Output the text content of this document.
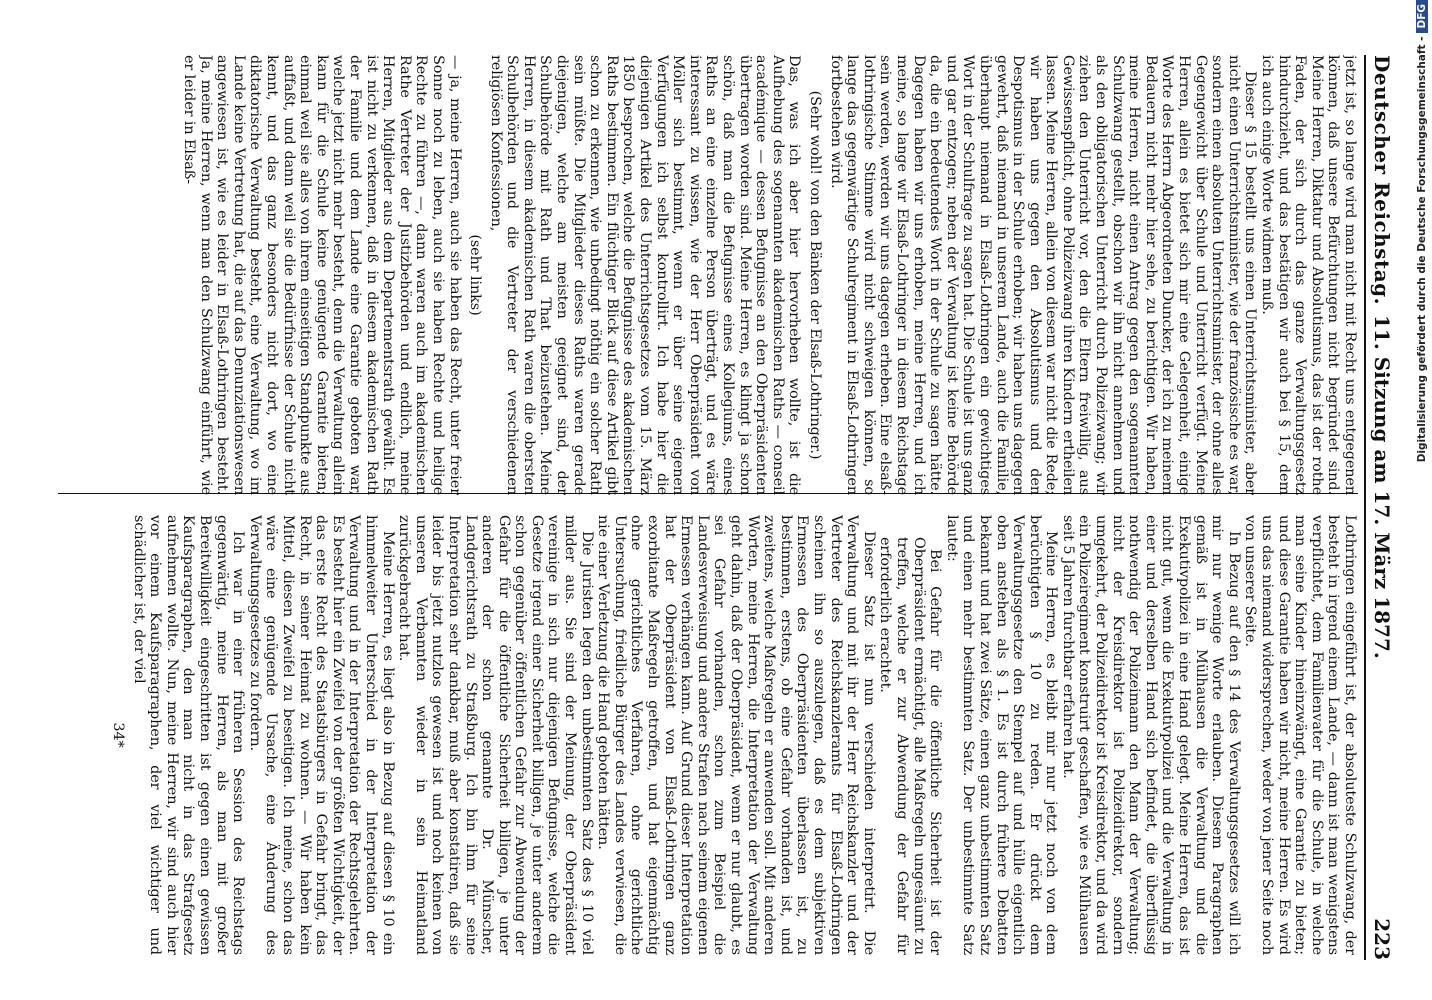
Deutscher Reichstag.
11. Sitzung am 17. März 1877.
223

jetzt ist, so lange wird man nicht mit Recht uns entgegenen können, daß unsere Befürchtungen nicht begründet sind. Meine Herren, Diktatur und Absolutismus, das ist der rothe Faden, der sich durch das ganze Verwaltungsgesetz hindurchzieht, und das bestätigen wir auch bei § 15, dem ich auch einige Worte widmen muß.

Dieser § 15 bestellt uns einen Unterrichtsminister, aber nicht einen Unterrichtsminister, wie der französische es war, sondern einen absoluten Unterrichtsminister, der ohne alles Gegengewicht über Schule und Unterricht verfügt. Meine Herren, allein es bietet sich mir eine Gelegenheit, einige Worte des Herrn Abgeordneten Duncker, der ich zu meinem Bedauern nicht mehr hier sehe, zu berichtigen. Wir haben, meine Herren, nicht einen Antrag gegen den sogenannten Schulzwang gestellt, obschon wir ihn nicht annehmen und als den obligatorischen Unterricht durch Polizeizwang; wir ziehen den Unterricht vor, den die Eltern freiwillig, aus Gewissenspflicht, ohne Polizeizwang ihren Kindern ertheilen lassen. Meine Herren, allein von diesem war nicht die Rede; wir haben uns gegen den Absolutismus und den Despotismus in der Schule erhoben; wir haben uns dagegen gewehrt, daß niemand in unserem Lande, auch die Familie, überhaupt niemand in Elsaß-Lothringen ein gewichtiges Wort in der Schulfrage zu sagen hat. Die Schule ist uns ganz und gar entzogen; neben der Verwaltung ist keine Behörde da, die ein bedeutendes Wort in der Schule zu sagen hätte. Dagegen haben wir uns erhoben, meine Herren, und ich meine, so lange wir Elsaß-Lothringer in diesem Reichstage sein werden, werden wir uns dagegen erheben. Eine elsaß-lothringische Stimme wird nicht schweigen können, so lange das gegenwärtige Schulregiment in Elsaß-Lothringen fortbestehen wird.

(Sehr wohl! von den Bänken der Elsaß-Lothringer.)

Das, was ich aber hier hervorheben wollte, ist die Aufhebung des sogenannten akademischen Raths — conseil académique — dessen Befugnisse an den Oberpräsidenten übertragen worden sind. Meine Herren, es klingt ja schon schön, daß man die Befugnisse eines Kollegiums, eines Raths an eine einzelne Person überträgt, und es wäre interessant zu wissen, wie der Herr Oberpräsident von Möller sich bestimmt, wenn er über seine eigenen Verfügungen ich selbst kontrollirt. Ich habe hier die diejenigen Artikel des Unterrichtsgesetzes vom 15. März 1850 besprochen, welche die Befugnisse des akademischen Raths bestimmen. Ein flüchtiger Blick auf diese Artikel gibt schon zu erkennen, wie unbedingt nöthig ein solcher Rath sein müßte. Die Mitglieder dieses Raths waren gerade diejenigen, welche am meisten geeignet sind, der Schulbehörde mit Rath und That beizustehen. Meine Herren, in diesem akademischen Rath waren die obersten Schulbehörden und die Vertreter der verschiedenen religiösen Konfessionen,

(sehr links)

— ja, meine Herren, auch sie haben das Recht, unter freier Sonne noch zu leben, auch sie haben Rechte und heilige Rechte zu führen —, dann waren auch im akademischen Rathe Vertreter der Justizbehörden und endlich, meine Herren, Mitglieder aus dem Departementsrath gewählt. Es ist nicht zu verkennen, daß in diesem akademischen Rath der Familie und dem Lande eine Garantie geboten war, welche jetzt nicht mehr besteht, denn die Verwaltung allein kann für die Schule keine genügende Garantie bieten; einmal weil sie alles von ihrem einseitigen Standpunkte aus auffaßt, und dann weil sie die Bedürfnisse der Schule nicht kennt, und das ganz besonders nicht dort, wo eine diktatorische Verwaltung besteht, eine Verwaltung, wo im Lande keine Vertretung hat, die auf das Denunziationswesen angewiesen ist, wie es leider in Elsaß-Lothringen besteht. Ja, meine Herren, wenn man den Schulzwang einführt, wie er leider in Elsaß-

Lothringen eingeführt ist, der absoluteste Schulzwang, der besteht in irgend einem Lande, — dann ist man wenigstens verpflichtet, dem Familienvater für die Schule, in welche man seine Kinder hineinzwängt, eine Garantie zu bieten; und diese Garantie haben wir nicht, meine Herren. Es wird uns das niemand widersprechen, weder von jener Seite noch von unserer Seite.

In Bezug auf den § 14 des Verwaltungsgesetzes will ich mir nur wenige Worte erlauben. Diesem Paragraphen gemäß ist in Mülhausen die Verwaltung und die Exekutivpolizei in eine Hand gelegt. Meine Herren, das ist nicht gut, wenn die Exekutivpolizei und die Verwaltung in einer und derselben Hand sich befindet, die überflüssig nothwendig der Polizeimann den Mann der Verwaltung; nicht der Kreisdirektor ist Polizeidirektor, sondern umgekehrt, der Polizeidirektor ist Kreisdirektor, und da wird ein Polizeiregiment konstruirt geschaffen, wie es Mülhausen seit 5 Jahren furchtbar erfahren hat.

Meine Herren, es bleibt mir nur jetzt noch von dem berüchtigten § 10 zu reden. Er drückt dem Verwaltungsgesetze den Stempel auf und hülle eigentlich oben anstehen als § 1. Es ist durch frühere Debatten bekannt und hat zwei Sätze, einen ganz unbestimmten Satz und einen mehr bestimmten Satz. Der unbestimmte Satz lautet:

Bei Gefahr für die öffentliche Sicherheit ist der Oberpräsident ermächtigt, alle Maßregeln ungesäumt zu treffen, welche er zur Abwendung der Gefahr für erforderlich erachtet.

Dieser Satz ist nun verschieden interpretirt. Die Verwaltung und mit ihr der Herr Reichskanzler und der Vertreter des Reichskanzleramts für Elsaß-Lothringen scheinen ihn so auszulegen, daß es dem subjektiven Ermessen des Oberpräsidenten überlassen ist, zu bestimmen, erstens, ob eine Gefahr vorhanden ist, und zweitens, welche Maßregeln er anwenden soll. Mit anderen Worten, meine Herren, die Interpretation der Verwaltung geht dahin, daß der Oberpräsident, wenn er nur glaubt, es sei Gefahr vorhanden, schon zum Beispiel die Landesverweisung und andere Strafen nach seinem eigenen Ermessen verhängen kann. Auf Grund dieser Interpretation hat der Oberpräsident von Elsaß-Lothringen ganz exorbitante Maßregeln getroffen, und hat eigenmächtig ohne gerichtliches Verfahren, ohne gerichtliche Untersuchung, friedliche Bürger des Landes verwiesen, die nie einer Verletzung die Hand geboten hätten.

Die Juristen legen den unbestimmten Satz des § 10 viel milder aus. Sie sind der Meinung, der Oberpräsident vereinige in sich nur diejenigen Befugnisse, welche die Gesetze irgend einer Sicherheit billigen, je unter anderem schon gegenüber öffentlichen Gefahr zur Abwendung der Gefahr für die öffentliche Sicherheit billigen, je unter anderen der schon genannte Dr. Münscher, Landgerichtsrath zu Straßburg. Ich bin ihm für seine Interpretation sehr dankbar, muß aber konstatiren, daß sie leider bis jetzt nutzlos gewesen ist und noch keinen von unseren Verbannten wieder in sein Heimatland zurückgebracht hat.

Meine Herren, es liegt also in Bezug auf diesen § 10 ein himmelweiter Unterschied in der Interpretation der Verwaltung und in der Interpretation der Rechtsgelehrten. Es besteht hier ein Zweifel von der größten Wichtigkeit, der das erste Recht des Staatsbürgers in Gefahr bringt, das Recht, in seiner Heimat zu wohnen. — Wir haben kein Mittel, diesen Zweifel zu beseitigen. Ich meine, schon das wäre eine genügende Ursache, eine Änderung des Verwaltungsgesetzes zu fordern.

Ich war in einer früheren Session des Reichstags gegenwärtig, meine Herren, als man mit großer Bereitwilligkeit eingeschritten ist gegen einen gewissen Kaufsparagraphen, den man nicht in das Strafgesetz aufnehmen wollte. Nun, meine Herren, wir sind auch hier vor einem Kaufsparagraphen, der viel wichtiger und schädlicher ist, der viel

34*

Digitalisierung gefördert durch die Deutsche Forschungsgemeinschaft -DFG
